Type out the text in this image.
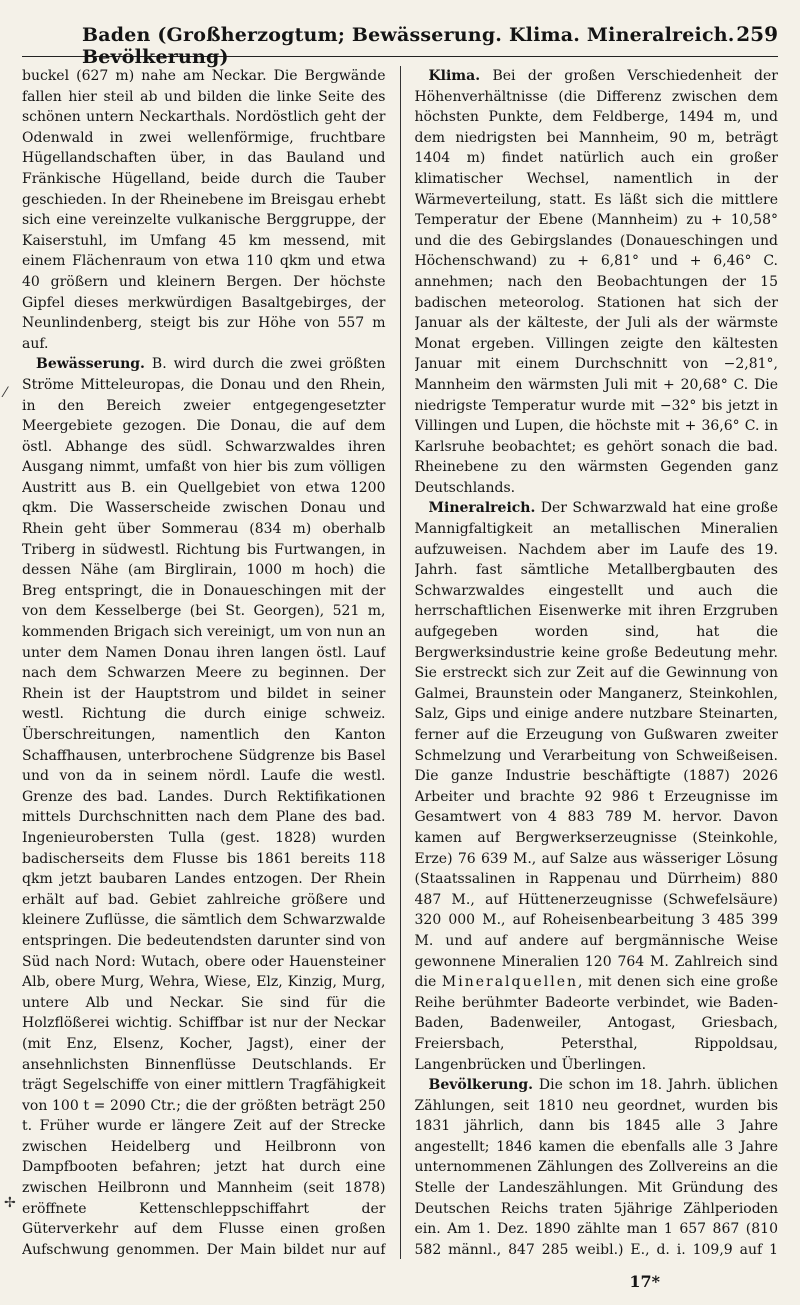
Baden (Großherzogtum; Bewässerung. Klima. Mineralreich. Bevölkerung)
259
⁄
✢

buckel (627 m) nahe am Neckar. Die Bergwände fallen hier steil ab und bilden die linke Seite des schönen untern Neckarthals. Nordöstlich geht der Odenwald in zwei wellenförmige, fruchtbare Hügellandschaften über, in das Bauland und Fränkische Hügelland, beide durch die Tauber geschieden. In der Rheinebene im Breisgau erhebt sich eine vereinzelte vulkanische Berggruppe, der Kaiserstuhl, im Umfang 45 km messend, mit einem Flächenraum von etwa 110 qkm und etwa 40 größern und kleinern Bergen. Der höchste Gipfel dieses merkwürdigen Basaltgebirges, der Neunlindenberg, steigt bis zur Höhe von 557 m auf.

Bewässerung. B. wird durch die zwei größten Ströme Mitteleuropas, die Donau und den Rhein, in den Bereich zweier entgegengesetzter Meergebiete gezogen. Die Donau, die auf dem östl. Abhange des südl. Schwarzwaldes ihren Ausgang nimmt, umfaßt von hier bis zum völligen Austritt aus B. ein Quellgebiet von etwa 1200 qkm. Die Wasserscheide zwischen Donau und Rhein geht über Sommerau (834 m) oberhalb Triberg in südwestl. Richtung bis Furtwangen, in dessen Nähe (am Birglirain, 1000 m hoch) die Breg entspringt, die in Donaueschingen mit der von dem Kesselberge (bei St. Georgen), 521 m, kommenden Brigach sich vereinigt, um von nun an unter dem Namen Donau ihren langen östl. Lauf nach dem Schwarzen Meere zu beginnen. Der Rhein ist der Hauptstrom und bildet in seiner westl. Richtung die durch einige schweiz. Überschreitungen, namentlich den Kanton Schaffhausen, unterbrochene Südgrenze bis Basel und von da in seinem nördl. Laufe die westl. Grenze des bad. Landes. Durch Rektifikationen mittels Durchschnitten nach dem Plane des bad. Ingenieurobersten Tulla (gest. 1828) wurden badischerseits dem Flusse bis 1861 bereits 118 qkm jetzt baubaren Landes entzogen. Der Rhein erhält auf bad. Gebiet zahlreiche größere und kleinere Zuflüsse, die sämtlich dem Schwarzwalde entspringen. Die bedeutendsten darunter sind von Süd nach Nord: Wutach, obere oder Hauensteiner Alb, obere Murg, Wehra, Wiese, Elz, Kinzig, Murg, untere Alb und Neckar. Sie sind für die Holzflößerei wichtig. Schiffbar ist nur der Neckar (mit Enz, Elsenz, Kocher, Jagst), einer der ansehnlichsten Binnenflüsse Deutschlands. Er trägt Segelschiffe von einer mittlern Tragfähigkeit von 100 t = 2090 Ctr.; die der größten beträgt 250 t. Früher wurde er längere Zeit auf der Strecke zwischen Heidelberg und Heilbronn von Dampfbooten befahren; jetzt hat durch eine zwischen Heilbronn und Mannheim (seit 1878) eröffnete Kettenschleppschiffahrt der Güterverkehr auf dem Flusse einen großen Aufschwung genommen. Der Main bildet nur auf

Klima. Bei der großen Verschiedenheit der Höhenverhältnisse (die Differenz zwischen dem höchsten Punkte, dem Feldberge, 1494 m, und dem niedrigsten bei Mannheim, 90 m, beträgt 1404 m) findet natürlich auch ein großer klimatischer Wechsel, namentlich in der Wärmeverteilung, statt. Es läßt sich die mittlere Temperatur der Ebene (Mannheim) zu + 10,58° und die des Gebirgslandes (Donaueschingen und Höchenschwand) zu + 6,81° und + 6,46° C. annehmen; nach den Beobachtungen der 15 badischen meteorolog. Stationen hat sich der Januar als der kälteste, der Juli als der wärmste Monat ergeben. Villingen zeigte den kältesten Januar mit einem Durchschnitt von −2,81°, Mannheim den wärmsten Juli mit + 20,68° C. Die niedrigste Temperatur wurde mit −32° bis jetzt in Villingen und Lupen, die höchste mit + 36,6° C. in Karlsruhe beobachtet; es gehört sonach die bad. Rheinebene zu den wärmsten Gegenden ganz Deutschlands.

Mineralreich. Der Schwarzwald hat eine große Mannigfaltigkeit an metallischen Mineralien aufzuweisen. Nachdem aber im Laufe des 19. Jahrh. fast sämtliche Metallbergbauten des Schwarzwaldes eingestellt und auch die herrschaftlichen Eisenwerke mit ihren Erzgruben aufgegeben worden sind, hat die Bergwerksindustrie keine große Bedeutung mehr. Sie erstreckt sich zur Zeit auf die Gewinnung von Galmei, Braunstein oder Manganerz, Steinkohlen, Salz, Gips und einige andere nutzbare Steinarten, ferner auf die Erzeugung von Gußwaren zweiter Schmelzung und Verarbeitung von Schweißeisen. Die ganze Industrie beschäftigte (1887) 2026 Arbeiter und brachte 92 986 t Erzeugnisse im Gesamtwert von 4 883 789 M. hervor. Davon kamen auf Bergwerkserzeugnisse (Steinkohle, Erze) 76 639 M., auf Salze aus wässeriger Lösung (Staatssalinen in Rappenau und Dürrheim) 880 487 M., auf Hüttenerzeugnisse (Schwefelsäure) 320 000 M., auf Roheisenbearbeitung 3 485 399 M. und auf andere auf bergmännische Weise gewonnene Mineralien 120 764 M. Zahlreich sind die Mineralquellen, mit denen sich eine große Reihe berühmter Badeorte verbindet, wie Baden-Baden, Badenweiler, Antogast, Griesbach, Freiersbach, Petersthal, Rippoldsau, Langenbrücken und Überlingen.

Bevölkerung. Die schon im 18. Jahrh. üblichen Zählungen, seit 1810 neu geordnet, wurden bis 1831 jährlich, dann bis 1845 alle 3 Jahre angestellt; 1846 kamen die ebenfalls alle 3 Jahre unternommenen Zählungen des Zollvereins an die Stelle der Landeszählungen. Mit Gründung des Deutschen Reichs traten 5jährige Zählperioden ein. Am 1. Dez. 1890 zählte man 1 657 867 (810 582 männl., 847 285 weibl.) E., d. i. 109,9 auf 1

17*
